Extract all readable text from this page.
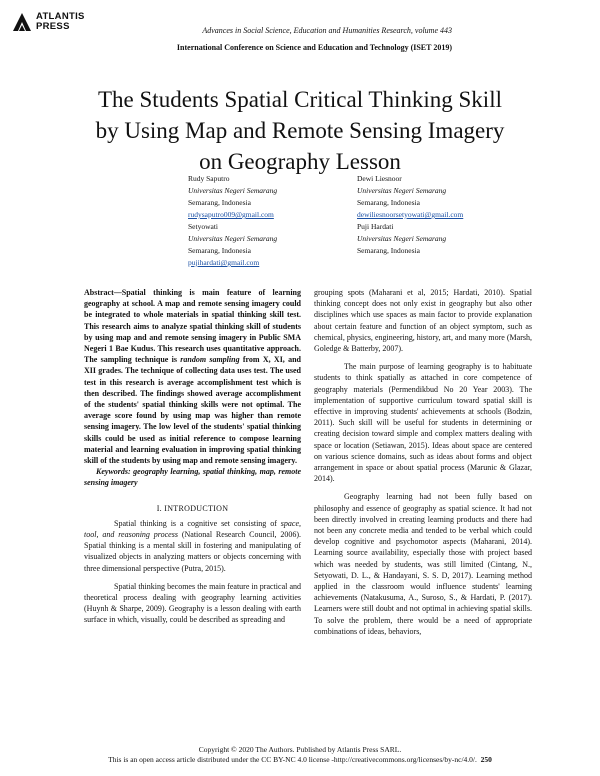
ATLANTIS
PRESS	Advances in Social Science, Education and Humanities Research, volume 443
International Conference on Science and Education and Technology (ISET 2019)
The Students Spatial Critical Thinking Skill
by Using Map and Remote Sensing Imagery
on Geography Lesson
Rudy Saputro
Universitas Negeri Semarang
Semarang, Indonesia
rudysaputro009@gmail.com
Setyowati
Universitas Negeri Semarang
Semarang, Indonesia
pujihardati@gmail.com
Dewi Liesnoor
Universitas Negeri Semarang
Semarang, Indonesia
dewiliesnoorsetyowati@gmail.com
Puji Hardati
Universitas Negeri Semarang
Semarang, Indonesia

Abstract—Spatial thinking is main feature of learning geography at school. A map and remote sensing imagery could be integrated to whole materials in spatial thinking skill test. This research aims to analyze spatial thinking skill of students by using map and and remote sensing imagery in Public SMA Negeri 1 Bae Kudus. This research uses quantitative approach. The sampling technique is random sampling from X, XI, and XII grades. The technique of collecting data uses test. The used test in this research is average accomplishment test which is then described. The findings showed average accomplishment of the students' spatial thinking skills were not optimal. The average score found by using map was higher than remote sensing imagery. The low level of the students' spatial thinking skills could be used as initial reference to compose learning material and learning evaluation in improving spatial thinking skill of the students by using map and remote sensing imagery.

Keywords: geography learning, spatial thinking, map, remote sensing imagery

I. INTRODUCTION

Spatial thinking is a cognitive set consisting of space, tool, and reasoning process (National Research Council, 2006). Spatial thinking is a mental skill in fostering and manipulating of visualized objects in analyzing matters or objects concerning with three dimensional perspective (Putra, 2015).

Spatial thinking becomes the main feature in practical and theoretical process dealing with geography learning activities (Huynh & Sharpe, 2009). Geography is a lesson dealing with earth surface in which, visually, could be described as spreading and

grouping spots (Maharani et al, 2015; Hardati, 2010). Spatial thinking concept does not only exist in geography but also other disciplines which use spaces as main factor to provide explanation about certain feature and function of an object symptom, such as chemical, physics, engineering, history, art, and many more (Marsh, Goledge & Batterby, 2007).

The main purpose of learning geography is to habituate students to think spatially as attached in core competence of geography materials (Permendikbud No 20 Year 2003). The implementation of supportive curriculum toward spatial skill is effective in improving students' achievements at schools (Bodzin, 2011). Such skill will be useful for students in determining or creating decision toward simple and complex matters dealing with space or location (Setiawan, 2015). Ideas about space are centered on various science domains, such as ideas about forms and object arrangement in space or about spatial process (Marunic & Glazar, 2014).

Geography learning had not been fully based on philosophy and essence of geography as spatial science. It had not been directly involved in creating learning products and there had not been any concrete media and tended to be verbal which could develop cognitive and psychomotor aspects (Maharani, 2014). Learning source availability, especially those with project based which was needed by students, was still limited (Cintang, N., Setyowati, D. L., & Handayani, S. S. D, 2017). Learning method applied in the classroom would influence students' learning achievements (Natakusuma, A., Suroso, S., & Hardati, P. (2017). Learners were still doubt and not optimal in achieving spatial skills. To solve the problem, there would be a need of appropriate combinations of ideas, behaviors,

Copyright © 2020 The Authors. Published by Atlantis Press SARL.
This is an open access article distributed under the CC BY-NC 4.0 license -http://creativecommons.org/licenses/by-nc/4.0/. 250
